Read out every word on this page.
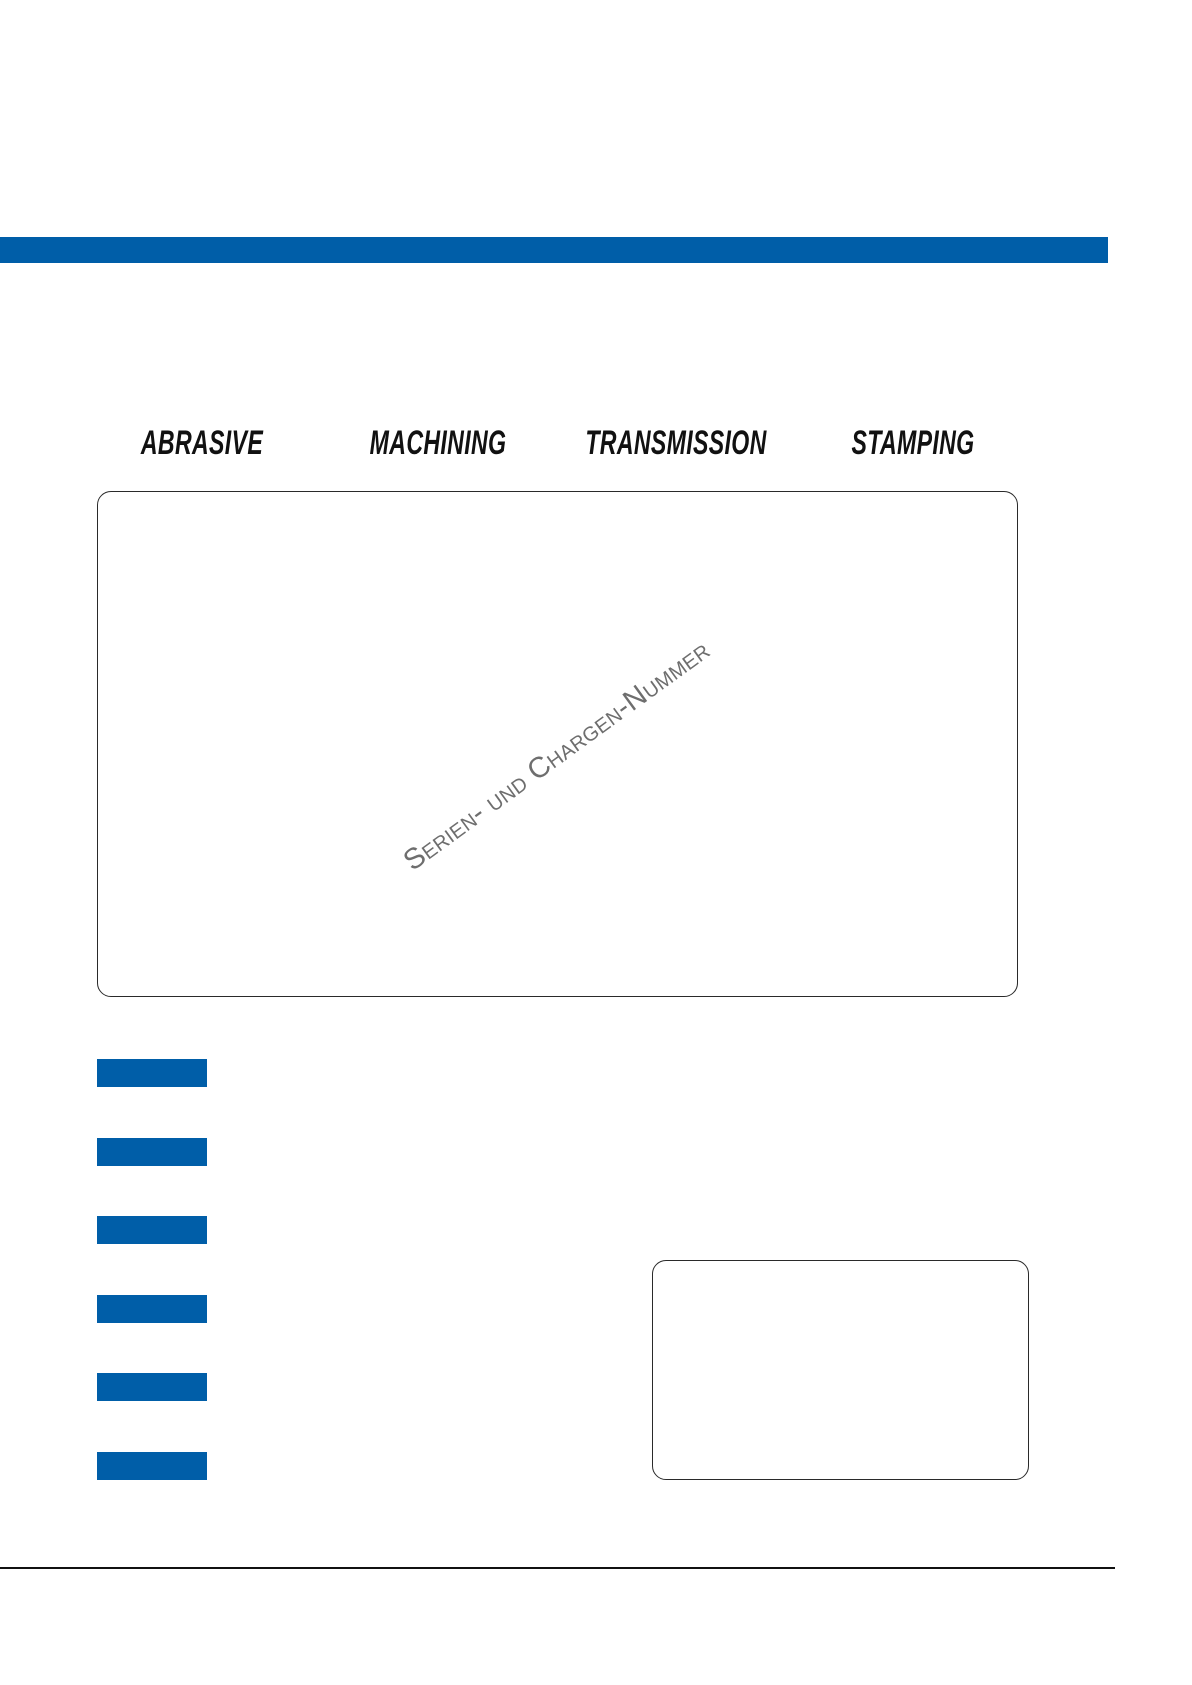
ABRASIVE	MACHINING TRANSMISSION STAMPING
Serien- und Chargen-Nummer
